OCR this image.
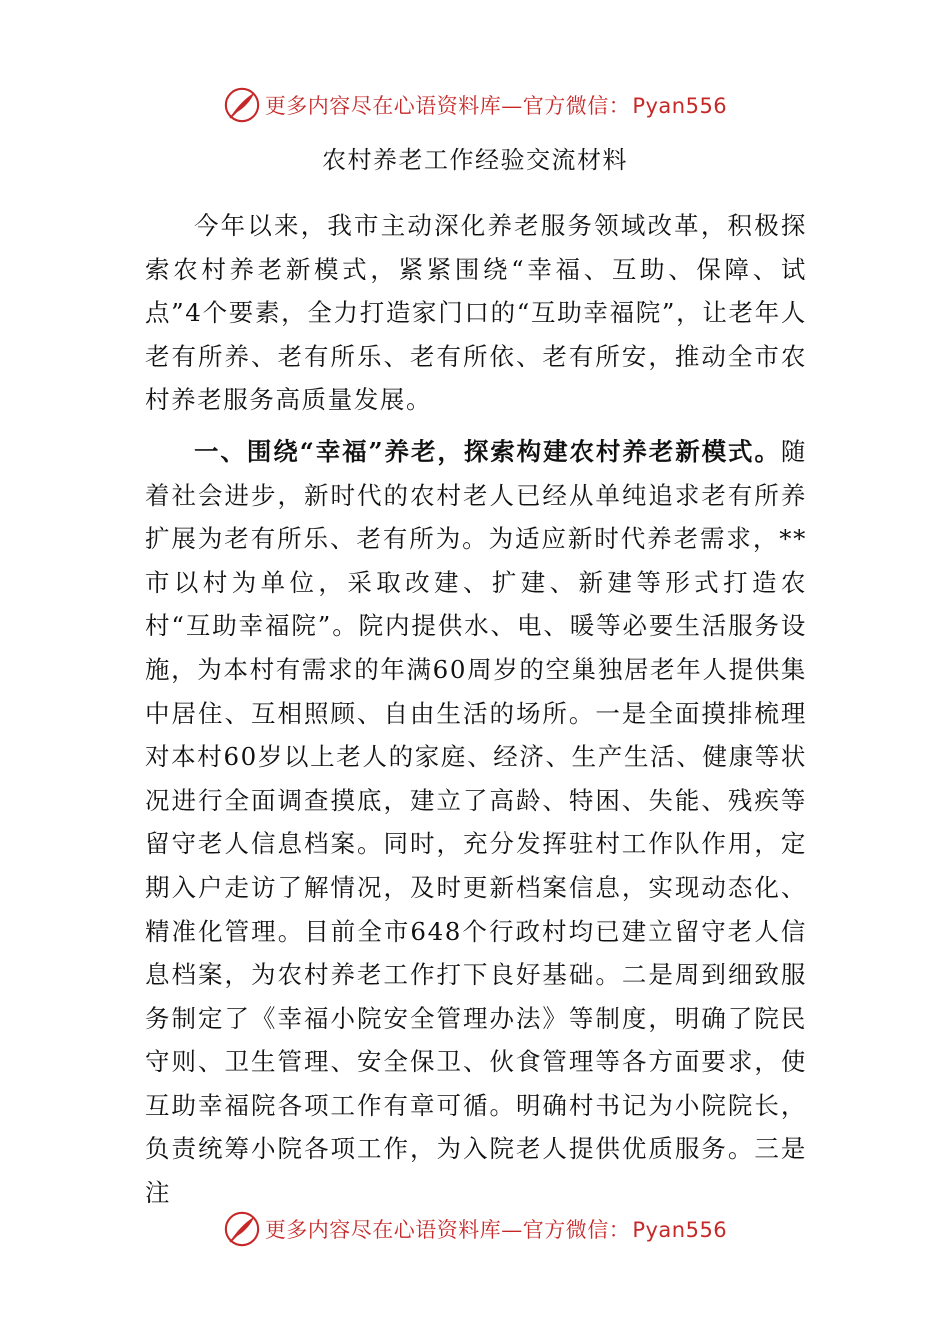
更多内容尽在心语资料库—官方微信：Pyan556
农村养老工作经验交流材料

今年以来，我市主动深化养老服务领域改革，积极探索农村养老新模式，紧紧围绕“幸福、互助、保障、试点”4个要素，全力打造家门口的“互助幸福院”，让老年人老有所养、老有所乐、老有所依、老有所安，推动全市农村养老服务高质量发展。

一、围绕“幸福”养老，探索构建农村养老新模式。随着社会进步，新时代的农村老人已经从单纯追求老有所养扩展为老有所乐、老有所为。为适应新时代养老需求，**市以村为单位，采取改建、扩建、新建等形式打造农村“互助幸福院”。院内提供水、电、暖等必要生活服务设施，为本村有需求的年满60周岁的空巢独居老年人提供集中居住、互相照顾、自由生活的场所。一是全面摸排梳理对本村60岁以上老人的家庭、经济、生产生活、健康等状况进行全面调查摸底，建立了高龄、特困、失能、残疾等留守老人信息档案。同时，充分发挥驻村工作队作用，定期入户走访了解情况，及时更新档案信息，实现动态化、精准化管理。目前全市648个行政村均已建立留守老人信息档案，为农村养老工作打下良好基础。二是周到细致服务制定了《幸福小院安全管理办法》等制度，明确了院民守则、卫生管理、安全保卫、伙食管理等各方面要求，使互助幸福院各项工作有章可循。明确村书记为小院院长，负责统筹小院各项工作，为入院老人提供优质服务。三是注

更多内容尽在心语资料库—官方微信：Pyan556
